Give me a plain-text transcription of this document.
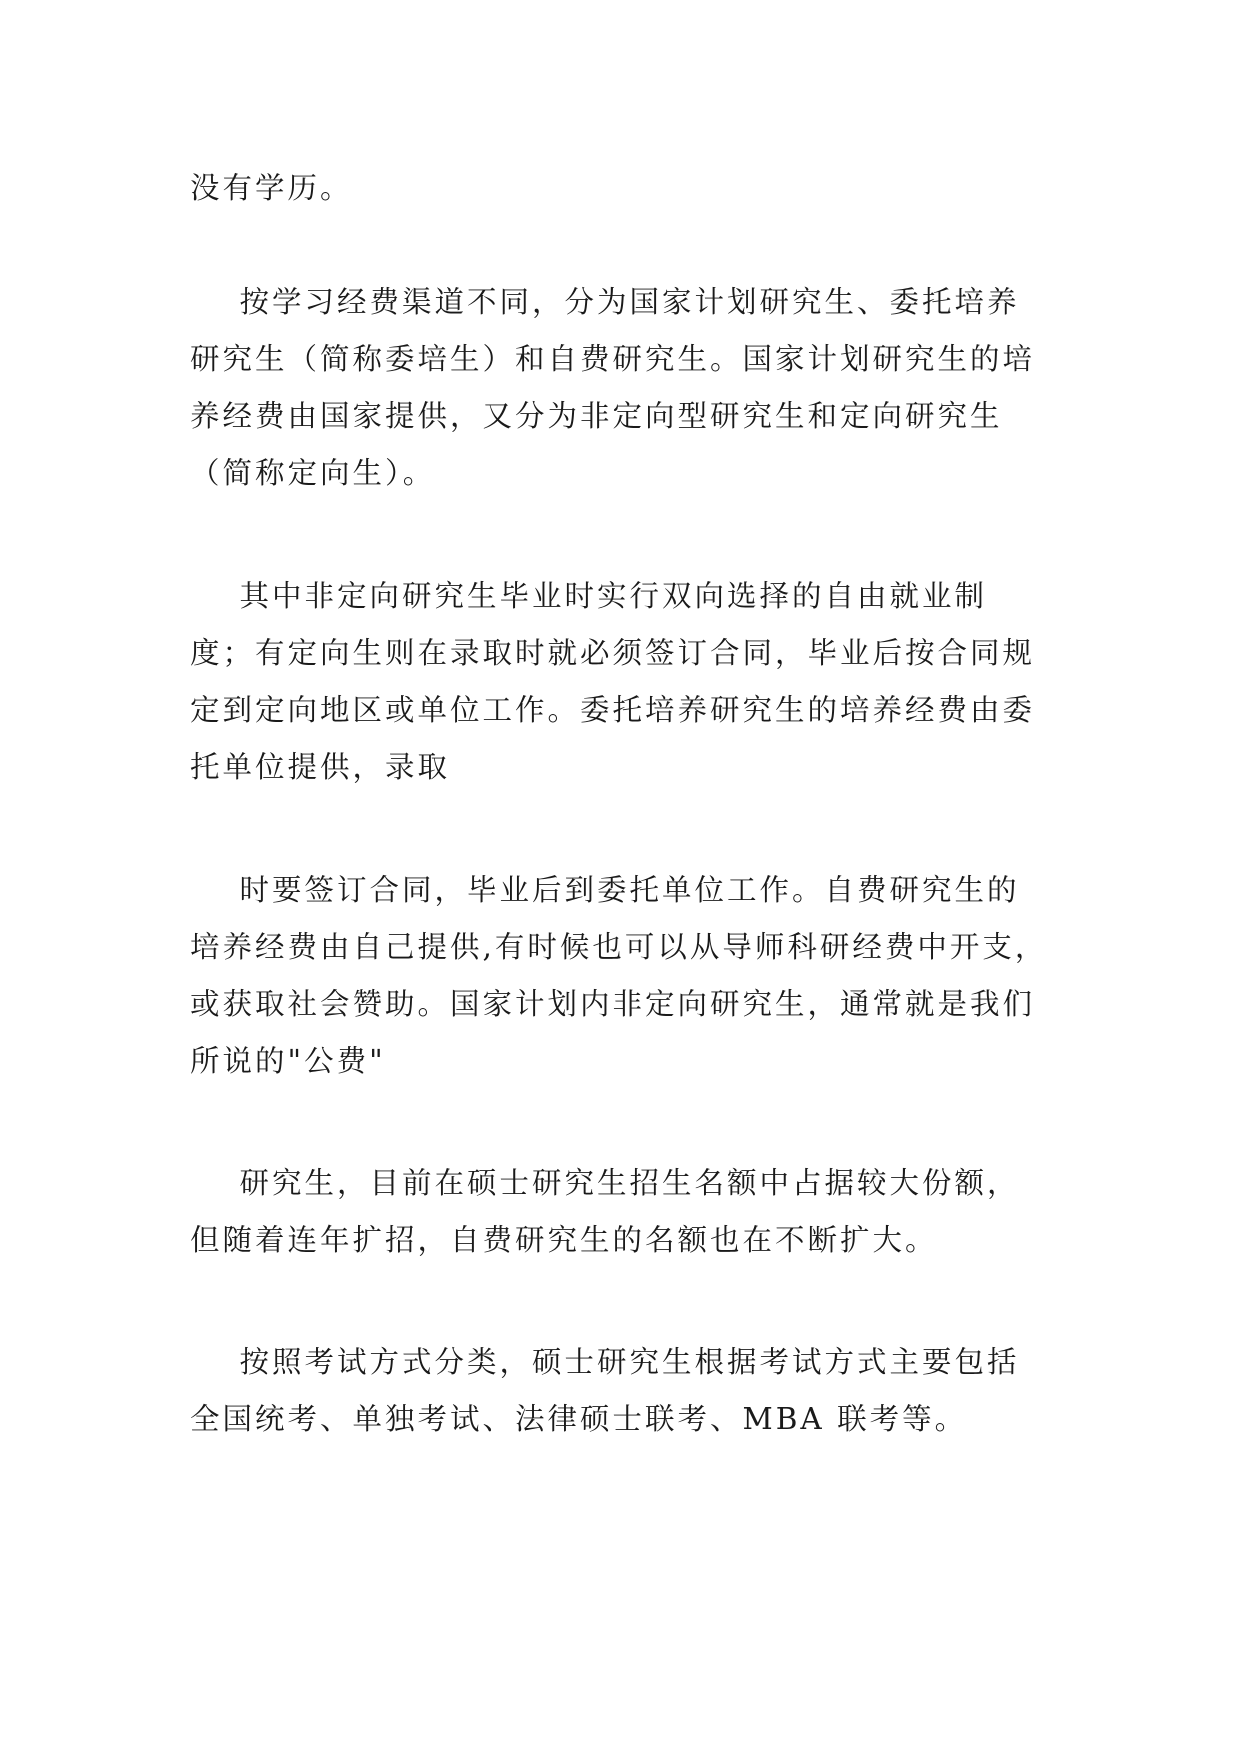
没有学历。

按学习经费渠道不同，分为国家计划研究生、委托培养
研究生（简称委培生）和自费研究生。国家计划研究生的培
养经费由国家提供，又分为非定向型研究生和定向研究生
（简称定向生）。

其中非定向研究生毕业时实行双向选择的自由就业制
度；有定向生则在录取时就必须签订合同，毕业后按合同规
定到定向地区或单位工作。委托培养研究生的培养经费由委
托单位提供，录取

时要签订合同，毕业后到委托单位工作。自费研究生的
培养经费由自己提供,有时候也可以从导师科研经费中开支，
或获取社会赞助。国家计划内非定向研究生，通常就是我们
所说的"公费"

研究生，目前在硕士研究生招生名额中占据较大份额，
但随着连年扩招，自费研究生的名额也在不断扩大。

按照考试方式分类，硕士研究生根据考试方式主要包括
全国统考、单独考试、法律硕士联考、MBA 联考等。
